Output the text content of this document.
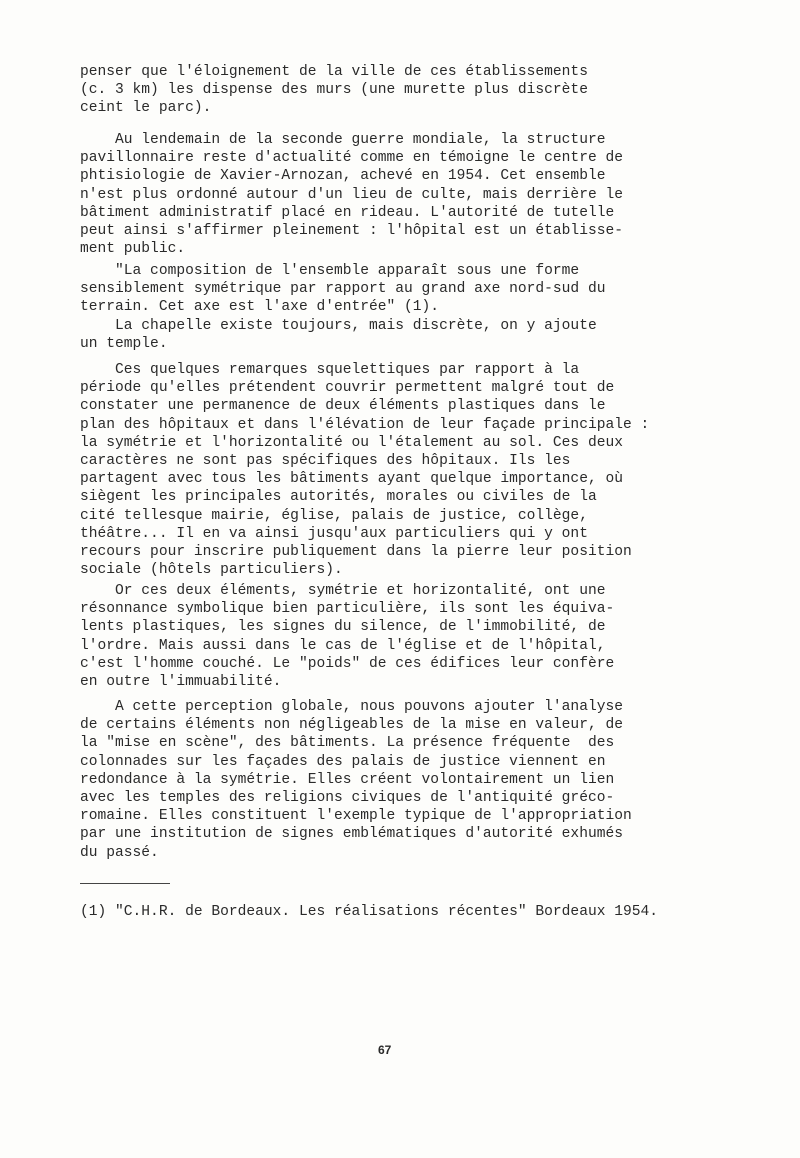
penser que l'éloignement de la ville de ces établissements
(c. 3 km) les dispense des murs (une murette plus discrète
ceint le parc).
Au lendemain de la seconde guerre mondiale, la structure
pavillonnaire reste d'actualité comme en témoigne le centre de
phtisiologie de Xavier-Arnozan, achevé en 1954. Cet ensemble
n'est plus ordonné autour d'un lieu de culte, mais derrière le
bâtiment administratif placé en rideau. L'autorité de tutelle
peut ainsi s'affirmer pleinement : l'hôpital est un établisse-
ment public.
"La composition de l'ensemble apparaît sous une forme
sensiblement symétrique par rapport au grand axe nord-sud du
terrain. Cet axe est l'axe d'entrée" (1).
La chapelle existe toujours, mais discrète, on y ajoute
un temple.
Ces quelques remarques squelettiques par rapport à la
période qu'elles prétendent couvrir permettent malgré tout de
constater une permanence de deux éléments plastiques dans le
plan des hôpitaux et dans l'élévation de leur façade principale :
la symétrie et l'horizontalité ou l'étalement au sol. Ces deux
caractères ne sont pas spécifiques des hôpitaux. Ils les
partagent avec tous les bâtiments ayant quelque importance, où
siègent les principales autorités, morales ou civiles de la
cité tellesque mairie, église, palais de justice, collège,
théâtre... Il en va ainsi jusqu'aux particuliers qui y ont
recours pour inscrire publiquement dans la pierre leur position
sociale (hôtels particuliers).
Or ces deux éléments, symétrie et horizontalité, ont une
résonnance symbolique bien particulière, ils sont les équiva-
lents plastiques, les signes du silence, de l'immobilité, de
l'ordre. Mais aussi dans le cas de l'église et de l'hôpital,
c'est l'homme couché. Le "poids" de ces édifices leur confère
en outre l'immuabilité.
A cette perception globale, nous pouvons ajouter l'analyse
de certains éléments non négligeables de la mise en valeur, de
la "mise en scène", des bâtiments. La présence fréquente  des
colonnades sur les façades des palais de justice viennent en
redondance à la symétrie. Elles créent volontairement un lien
avec les temples des religions civiques de l'antiquité gréco-
romaine. Elles constituent l'exemple typique de l'appropriation
par une institution de signes emblématiques d'autorité exhumés
du passé.
(1) "C.H.R. de Bordeaux. Les réalisations récentes" Bordeaux 1954.
67
